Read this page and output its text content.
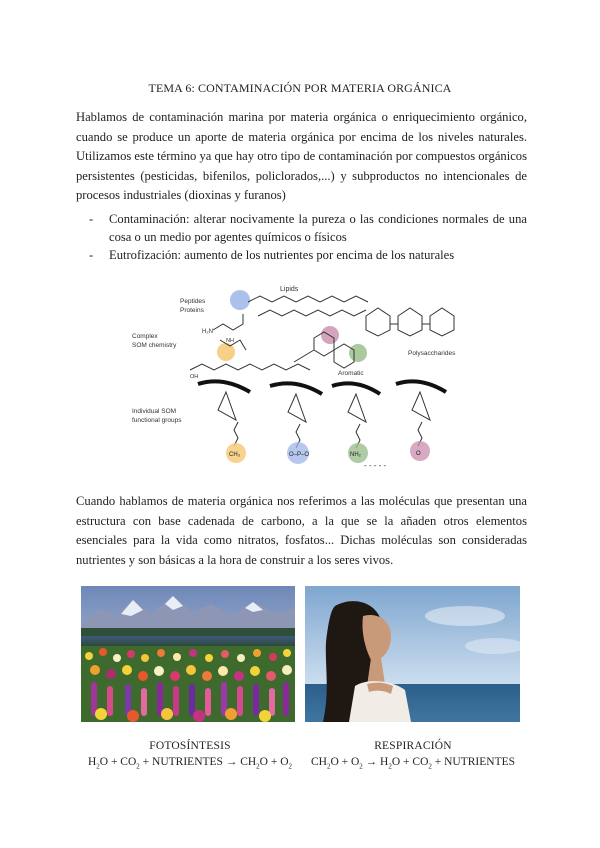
TEMA 6: CONTAMINACIÓN POR MATERIA ORGÁNICA

Hablamos de contaminación marina por materia orgánica o enriquecimiento orgánico, cuando se produce un aporte de materia orgánica por encima de los niveles naturales. Utilizamos este término ya que hay otro tipo de contaminación por compuestos orgánicos persistentes (pesticidas, bifenilos, policlorados,...) y subproductos no intencionales de procesos industriales (dioxinas y furanos)

- Contaminación: alterar nocivamente la pureza o las condiciones normales de una cosa o un medio por agentes químicos o físicos
- Eutrofización: aumento de los nutrientes por encima de los naturales
Lipids
Peptides
Proteins
H₂N
NH
Complex
SOM chemistry
OH	Aromatic
Polysaccharides
Individual SOM
functional groups
CH₃	O–P–O	NH₂	O
- - - - -

Cuando hablamos de materia orgánica nos referimos a las moléculas que presentan una estructura con base cadenada de carbono, a la que se la añaden otros elementos esenciales para la vida como nitratos, fosfatos... Dichas moléculas son consideradas nutrientes y son básicas a la hora de construir a los seres vivos.

FOTOSÍNTESIS
$H_2O + CO_2$ + NUTRIENTES → $CH_2O + O_2$
RESPIRACIÓN
$CH_2O + O_2 \to H_2O + CO_2$ + NUTRIENTES
